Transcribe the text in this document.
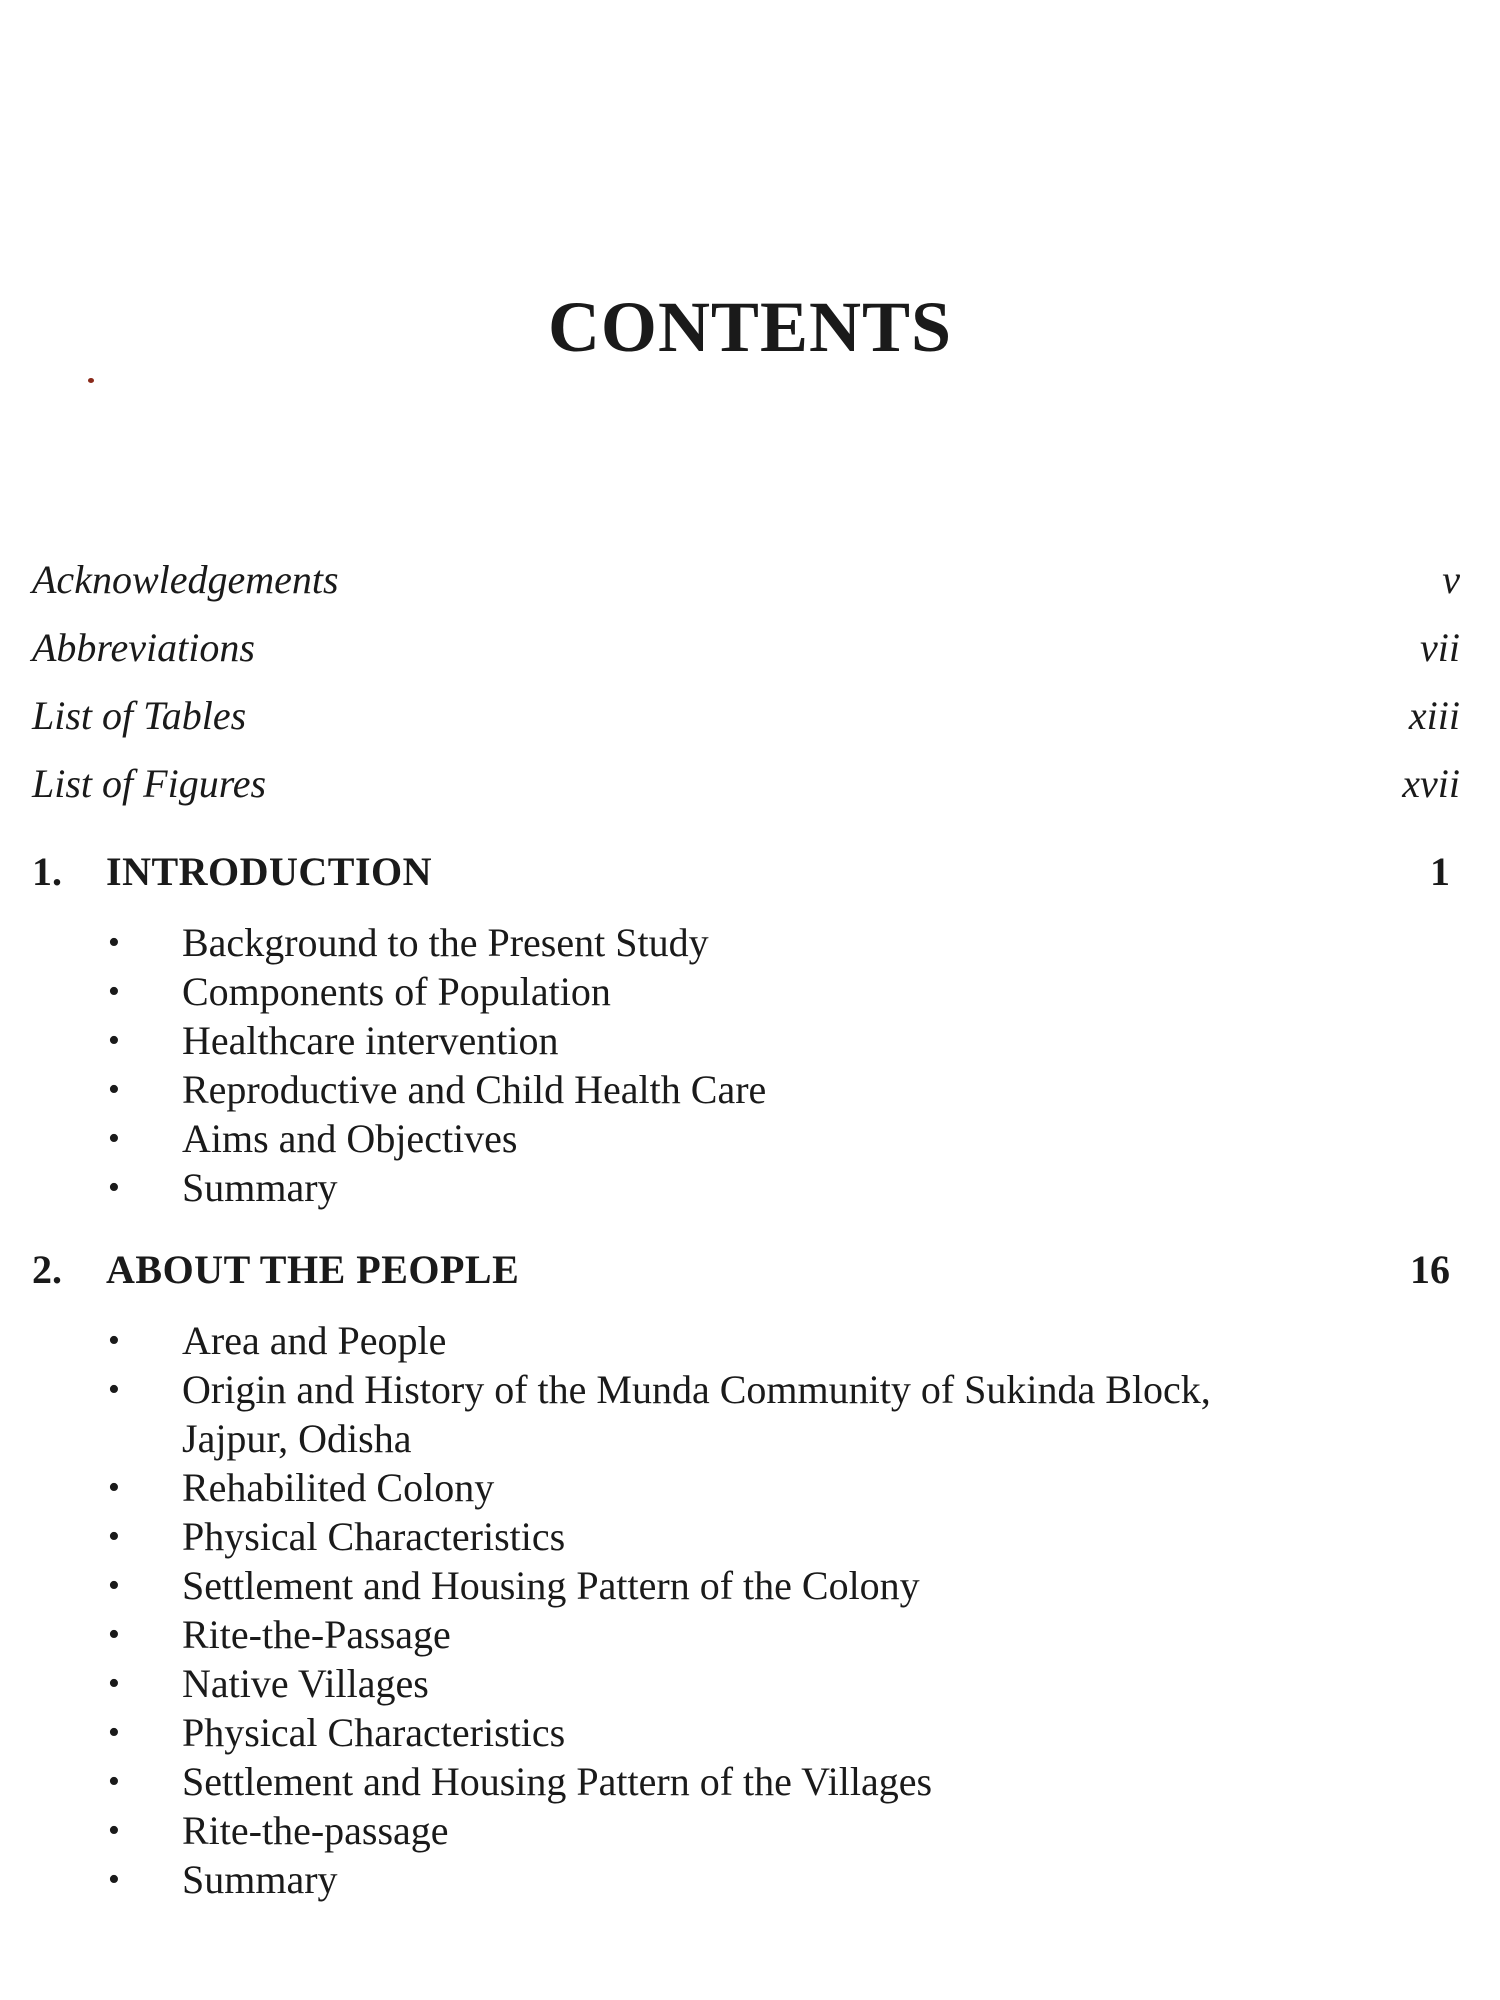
CONTENTS
Acknowledgements	v
Abbreviations	vii
List of Tables	xiii
List of Figures	xvii
1.	INTRODUCTION	1
•	Background to the Present Study
•	Components of Population
•	Healthcare intervention
•	Reproductive and Child Health Care
•	Aims and Objectives
•	Summary
2.	ABOUT THE PEOPLE	16
•	Area and People
•	Origin and History of the Munda Community of Sukinda Block, Jajpur, Odisha
•	Rehabilited Colony
•	Physical Characteristics
•	Settlement and Housing Pattern of the Colony
•	Rite-the-Passage
•	Native Villages
•	Physical Characteristics
•	Settlement and Housing Pattern of the Villages
•	Rite-the-passage
•	Summary
